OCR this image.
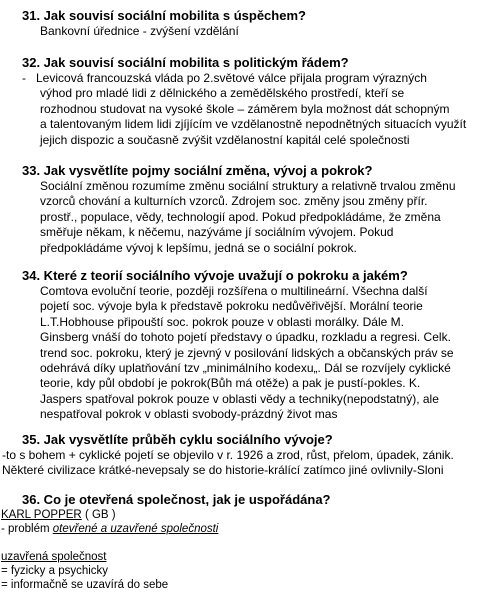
31. Jak souvisí sociální mobilita s úspěchem?
Bankovní úřednice - zvýšení vzdělání
32. Jak souvisí sociální mobilita s politickým řádem?
-   Levicová francouzská vláda po 2.světové válce přijala program výrazných
výhod pro mladé lidi z dělnického a zemědělského prostředí, kteří se
rozhodnou studovat na vysoké škole – záměrem byla možnost dát schopným
a talentovaným lidem lidi zjíjícím ve vzdělanostně nepodnětných situacích využít
jejich dispozic a současně zvýšit vzdělanostní kapitál celé společnosti
33. Jak vysvětlíte pojmy sociální změna, vývoj a pokrok?
Sociální změnou rozumíme změnu sociální struktury a relativně trvalou změnu
vzorců chování a kulturních vzorců. Zdrojem soc. změny jsou změny přír.
prostř., populace, vědy, technologií apod. Pokud předpokládáme, že změna
směřuje někam, k něčemu, nazýváme jí sociálním vývojem. Pokud
předpokládáme vývoj k lepšímu, jedná se o sociální pokrok.
34. Které z teorií sociálního vývoje uvažují o pokroku a jakém?
Comtova evoluční teorie, později rozšířena o multilineární. Všechna další
pojetí soc. vývoje byla k představě pokroku nedůvěřivější. Morální teorie
L.T.Hobhouse připouští soc. pokrok pouze v oblasti morálky. Dále M.
Ginsberg vnáší do tohoto pojetí představy o úpadku, rozkladu a regresi. Celk.
trend soc. pokroku, který je zjevný v posilování lidských a občanských práv se
odehrává díky uplatňování tzv „minimálního kodexu„. Dál se rozvíjely cyklické
teorie, kdy půl období je pokrok(Bůh má otěže) a pak je pustí-pokles. K.
Jaspers spatřoval pokrok pouze v oblasti vědy a techniky(nepodstatný), ale
nespatřoval pokrok v oblasti svobody-prázdný život mas
35. Jak vysvětlíte průběh cyklu sociálního vývoje?
-to s bohem + cyklické pojetí se objevilo v r. 1926 a zrod, růst, přelom, úpadek, zánik.
Některé civilizace krátké-nevepsaly se do historie-králící zatímco jiné ovlivnily-Sloni
36. Co je otevřená společnost, jak je uspořádána?
KARL POPPER ( GB )
- problém otevřené a uzavřené společnosti

uzavřená společnost
= fyzicky a psychicky
= informačně se uzavírá do sebe
